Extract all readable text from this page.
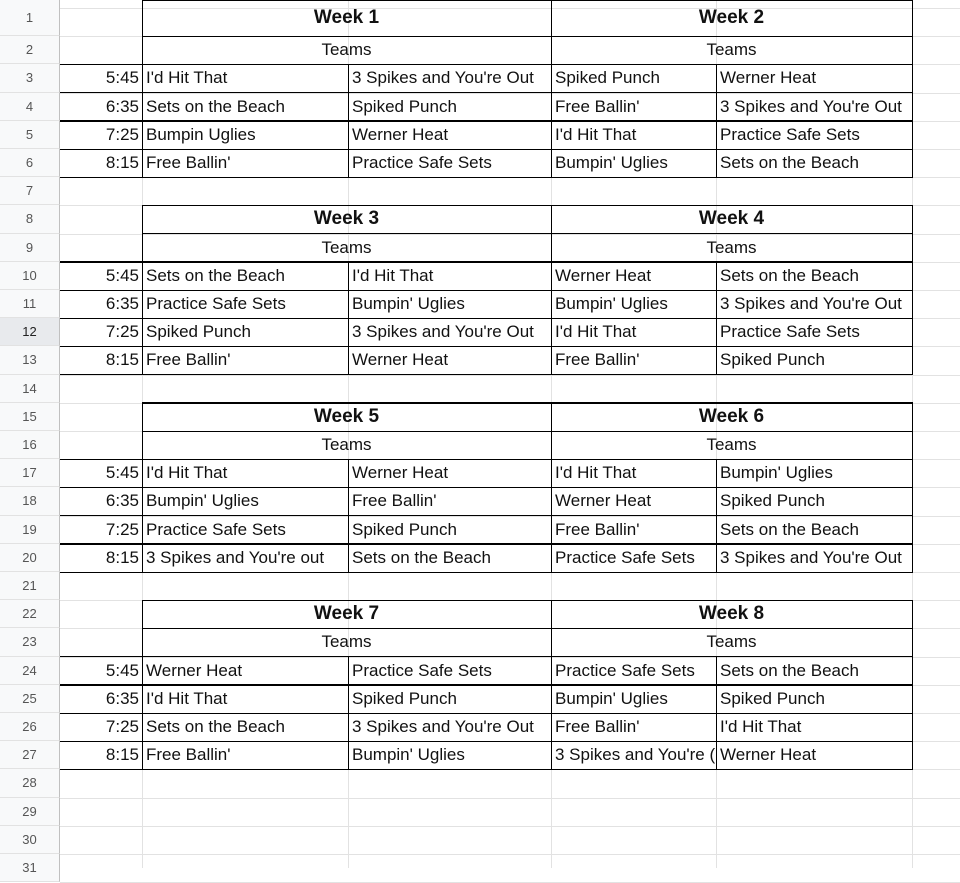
1
2
3
4
5
6
7
8
9
10
11
12
13
14
15
16
17
18
19
20
21
22
23
24
25
26
27
28
29
30
31
Week 1	Week 2
Teams	Teams
5:45 I'd Hit That	3 Spikes and You're Out	Spiked Punch	Werner Heat
6:35 Sets on the Beach	Spiked Punch	Free Ballin'	3 Spikes and You're Out
7:25 Bumpin Uglies	Werner Heat	I'd Hit That	Practice Safe Sets
8:15 Free Ballin'	Practice Safe Sets	Bumpin' Uglies	Sets on the Beach
Week 3	Week 4
Teams	Teams
5:45 Sets on the Beach	I'd Hit That	Werner Heat	Sets on the Beach
6:35 Practice Safe Sets	Bumpin' Uglies	Bumpin' Uglies	3 Spikes and You're Out
7:25 Spiked Punch	3 Spikes and You're Out	I'd Hit That	Practice Safe Sets
8:15 Free Ballin'	Werner Heat	Free Ballin'	Spiked Punch
Week 5	Week 6
Teams	Teams
5:45 I'd Hit That	Werner Heat	I'd Hit That	Bumpin' Uglies
6:35 Bumpin' Uglies	Free Ballin'	Werner Heat	Spiked Punch
7:25 Practice Safe Sets	Spiked Punch	Free Ballin'	Sets on the Beach
8:15 3 Spikes and You're out	Sets on the Beach	Practice Safe Sets	3 Spikes and You're Out
Week 7	Week 8
Teams	Teams
5:45 Werner Heat	Practice Safe Sets	Practice Safe Sets	Sets on the Beach
6:35 I'd Hit That	Spiked Punch	Bumpin' Uglies	Spiked Punch
7:25 Sets on the Beach	3 Spikes and You're Out	Free Ballin'	I'd Hit That
8:15 Free Ballin'	Bumpin' Uglies	3 Spikes and You're ( Werner Heat
